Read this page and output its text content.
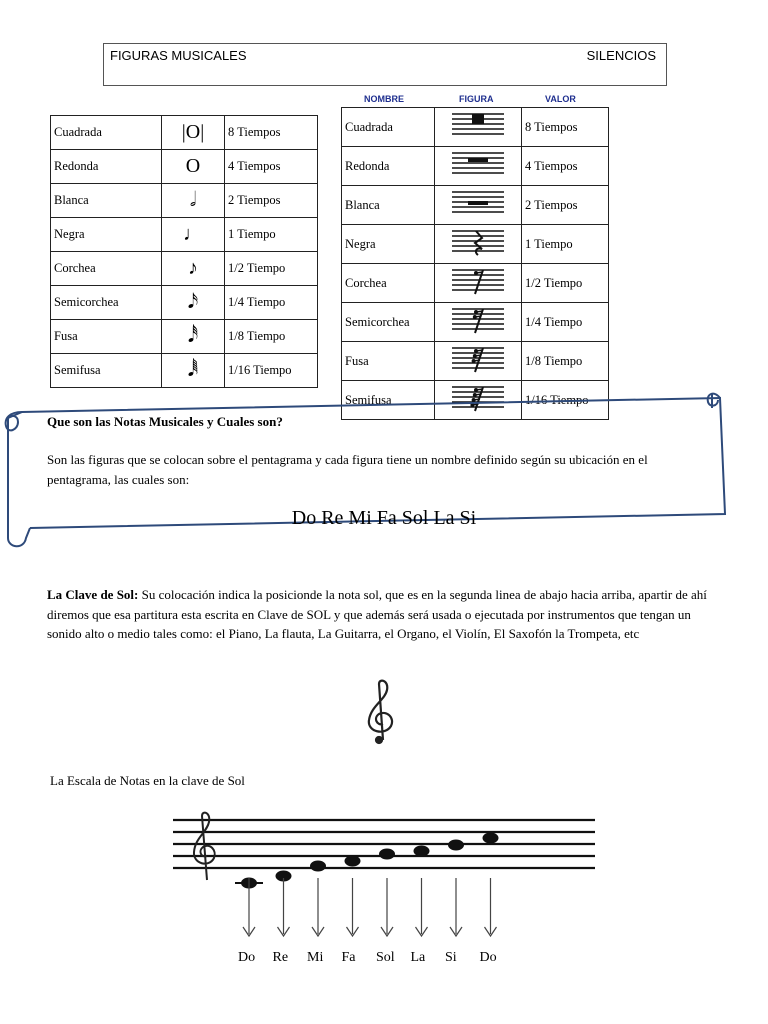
FIGURAS MUSICALES	SILENCIOS
Cuadrada	|O|	8 Tiempos
Redonda	O	4 Tiempos
Blanca	𝅗𝅥	2 Tiempos
Negra	♩	1 Tiempo
Corchea	♪	1/2 Tiempo
Semicorchea	𝅘𝅥𝅯	1/4 Tiempo
Fusa	𝅘𝅥𝅰	1/8 Tiempo
Semifusa	𝅘𝅥𝅱	1/16 Tiempo
NOMBRE	FIGURA	VALOR
Cuadrada		8 Tiempos
Redonda		4 Tiempos
Blanca		2 Tiempos
Negra		1 Tiempo
Corchea		1/2 Tiempo
Semicorchea		1/4 Tiempo
Fusa		1/8 Tiempo
Semifusa		1/16 Tiempo
Que son las Notas Musicales y Cuales son?
Son las figuras que se colocan sobre el pentagrama y cada figura tiene un nombre definido según su ubicación en el pentagrama, las cuales son:
Do Re Mi Fa Sol La Si
La Clave de Sol: Su colocación indica la posicionde la nota sol, que es en la segunda linea de abajo hacia arriba, apartir de ahí diremos que esa partitura esta escrita en Clave de SOL y que además será usada o ejecutada por instrumentos que tengan un sonido alto o medio tales como: el Piano, La flauta, La Guitarra, el Organo, el Violín, El Saxofón la Trompeta, etc
La Escala de Notas en la clave de Sol
Do Re Mi Fa Sol La Si Do
